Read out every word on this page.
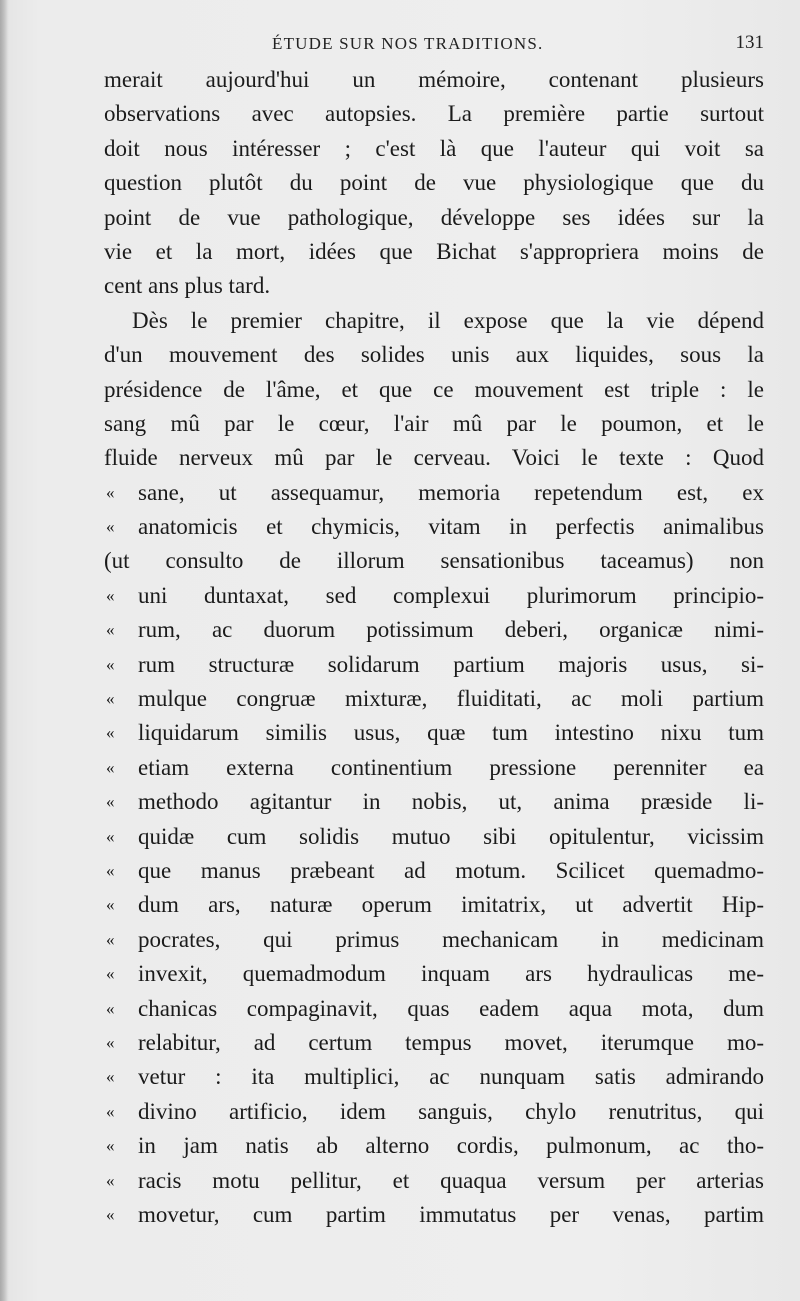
ÉTUDE SUR NOS TRADITIONS.	131
merait aujourd'hui un mémoire, contenant plusieurs
observations avec autopsies. La première partie surtout
doit nous intéresser ; c'est là que l'auteur qui voit sa
question plutôt du point de vue physiologique que du
point de vue pathologique, développe ses idées sur la
vie et la mort, idées que Bichat s'appropriera moins de
cent ans plus tard.
Dès le premier chapitre, il expose que la vie dépend
d'un mouvement des solides unis aux liquides, sous la
présidence de l'âme, et que ce mouvement est triple : le
sang mû par le cœur, l'air mû par le poumon, et le
fluide nerveux mû par le cerveau. Voici le texte : Quod
«	sane, ut assequamur, memoria repetendum est, ex
«	anatomicis et chymicis, vitam in perfectis animalibus
(ut consulto de illorum sensationibus taceamus) non
«	uni duntaxat, sed complexui plurimorum principio-
«	rum, ac duorum potissimum deberi, organicæ nimi-
«	rum structuræ solidarum partium majoris usus, si-
«	mulque congruæ mixturæ, fluiditati, ac moli partium
«	liquidarum similis usus, quæ tum intestino nixu tum
«	etiam externa continentium pressione perenniter ea
«	methodo agitantur in nobis, ut, anima præside li-
«	quidæ cum solidis mutuo sibi opitulentur, vicissim
«	que manus præbeant ad motum. Scilicet quemadmo-
«	dum ars, naturæ operum imitatrix, ut advertit Hip-
«	pocrates, qui primus mechanicam in medicinam
«	invexit, quemadmodum inquam ars hydraulicas me-
«	chanicas compaginavit, quas eadem aqua mota, dum
«	relabitur, ad certum tempus movet, iterumque mo-
«	vetur : ita multiplici, ac nunquam satis admirando
«	divino artificio, idem sanguis, chylo renutritus, qui
«	in jam natis ab alterno cordis, pulmonum, ac tho-
«	racis motu pellitur, et quaqua versum per arterias
«	movetur, cum partim immutatus per venas, partim
